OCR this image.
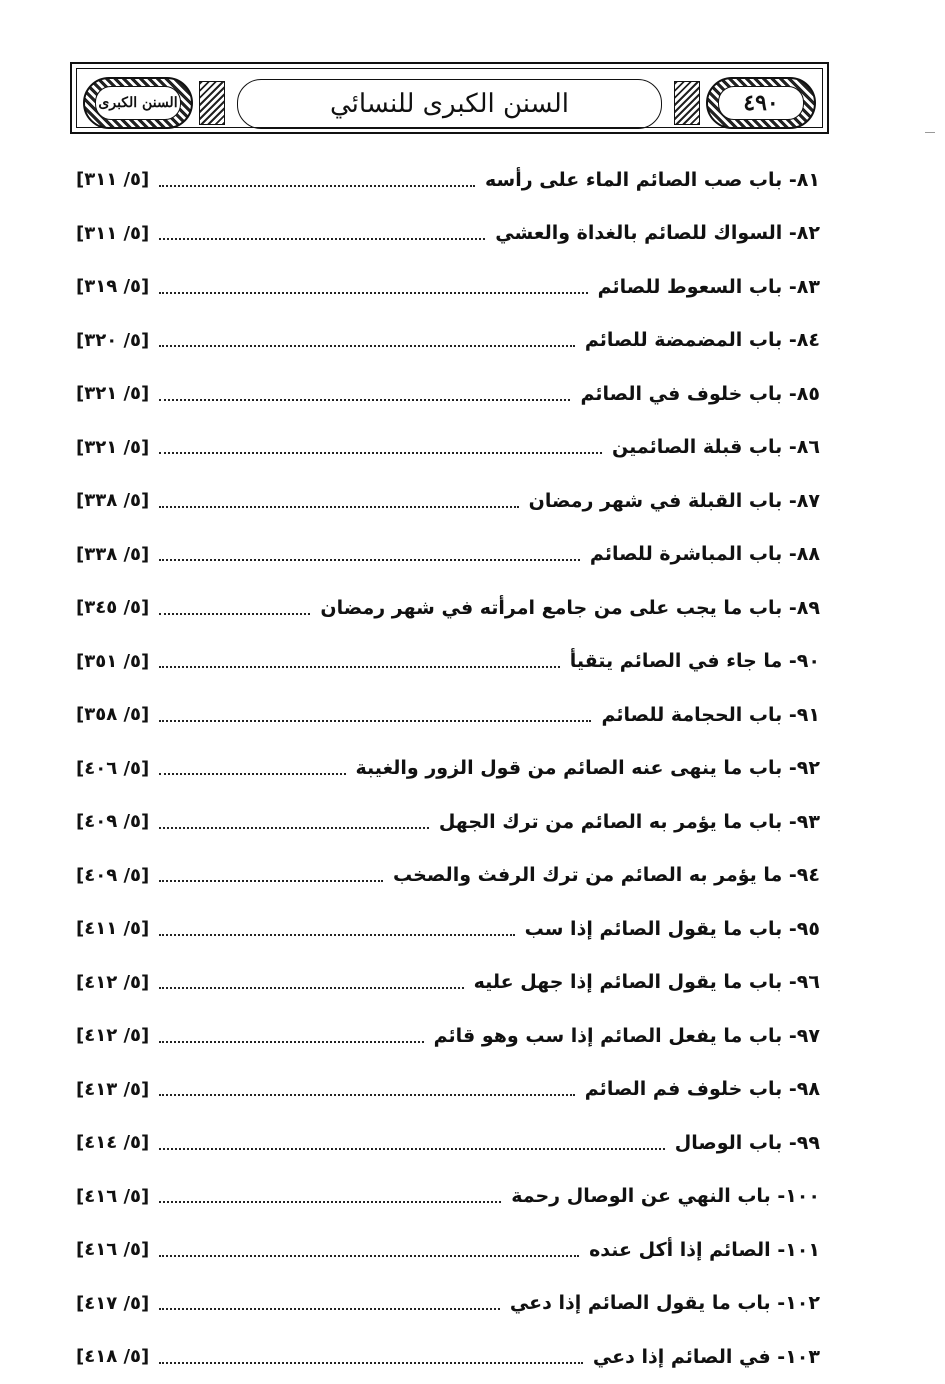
السنن الكبرى	السنن الكبرى للنسائي	٤٩٠
٨١- باب صب الصائم الماء على رأسه
[٥/ ٣١١]
٨٢- السواك للصائم بالغداة والعشي
[٥/ ٣١١]
٨٣- باب السعوط للصائم
[٥/ ٣١٩]
٨٤- باب المضمضة للصائم
[٥/ ٣٢٠]
٨٥- باب خلوف في الصائم
[٥/ ٣٢١]
٨٦- باب قبلة الصائمين
[٥/ ٣٢١]
٨٧- باب القبلة في شهر رمضان
[٥/ ٣٣٨]
٨٨- باب المباشرة للصائم
[٥/ ٣٣٨]
٨٩- باب ما يجب على من جامع امرأته في شهر رمضان
[٥/ ٣٤٥]
٩٠- ما جاء في الصائم يتقيأ
[٥/ ٣٥١]
٩١- باب الحجامة للصائم
[٥/ ٣٥٨]
٩٢- باب ما ينهى عنه الصائم من قول الزور والغيبة
[٥/ ٤٠٦]
٩٣- باب ما يؤمر به الصائم من ترك الجهل
[٥/ ٤٠٩]
٩٤- ما يؤمر به الصائم من ترك الرفث والصخب
[٥/ ٤٠٩]
٩٥- باب ما يقول الصائم إذا سب
[٥/ ٤١١]
٩٦- باب ما يقول الصائم إذا جهل عليه
[٥/ ٤١٢]
٩٧- باب ما يفعل الصائم إذا سب وهو قائم
[٥/ ٤١٢]
٩٨- باب خلوف فم الصائم
[٥/ ٤١٣]
٩٩- باب الوصال
[٥/ ٤١٤]
١٠٠- باب النهي عن الوصال رحمة
[٥/ ٤١٦]
١٠١- الصائم إذا أكل عنده
[٥/ ٤١٦]
١٠٢- باب ما يقول الصائم إذا دعي
[٥/ ٤١٧]
١٠٣- في الصائم إذا دعي
[٥/ ٤١٨]
